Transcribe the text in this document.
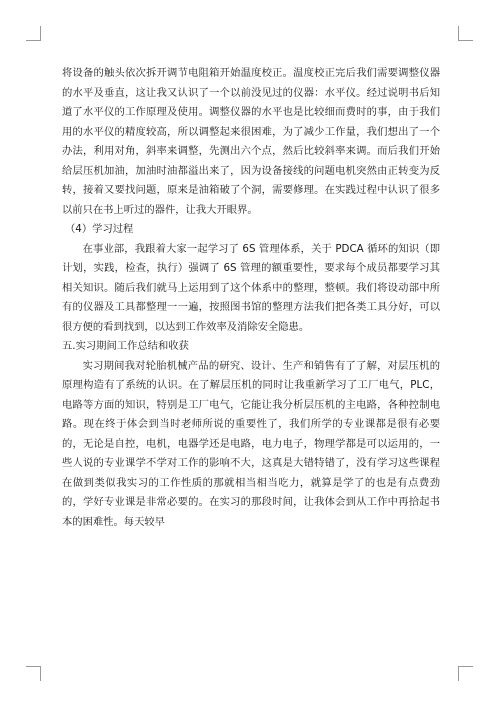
将设备的触头依次拆开调节电阻箱开始温度校正。温度校正完后我们需要调整仪器的水平及垂直，这让我又认识了一个以前没见过的仪器：水平仪。经过说明书后知道了水平仪的工作原理及使用。调整仪器的水平也是比较细而费时的事，由于我们用的水平仪的精度较高，所以调整起来很困难，为了减少工作量，我们想出了一个办法，利用对角，斜率来调整，先测出六个点，然后比较斜率来调。而后我们开始给层压机加油，加油时油都溢出来了，因为设备接线的问题电机突然由正转变为反转，接着又要找问题，原来是油箱破了个洞，需要修理。在实践过程中认识了很多以前只在书上听过的器件，让我大开眼界。

（4）学习过程

在事业部，我跟着大家一起学习了 6S 管理体系，关于 PDCA 循环的知识（即计划，实践，检查，执行）强调了 6S 管理的额重要性，要求每个成员都要学习其相关知识。随后我们就马上运用到了这个体系中的整理，整顿。我们将设动部中所有的仪器及工具都整理一一遍，按照图书馆的整理方法我们把各类工具分好，可以很方便的看到找到，以达到工作效率及消除安全隐患。

五.实习期间工作总结和收获

实习期间我对轮胎机械产品的研究、设计、生产和销售有了了解，对层压机的原理构造有了系统的认识。在了解层压机的同时让我重新学习了工厂电气，PLC，电路等方面的知识，特别是工厂电气，它能让我分析层压机的主电路，各种控制电路。现在终于体会到当时老师所说的重要性了，我们所学的专业课都是很有必要的，无论是自控，电机，电器学还是电路，电力电子，物理学都是可以运用的，一些人说的专业课学不学对工作的影响不大，这真是大错特错了，没有学习这些课程在做到类似我实习的工作性质的那就相当相当吃力，就算是学了的也是有点费劲的，学好专业课是非常必要的。在实习的那段时间，让我体会到从工作中再拾起书本的困难性。每天较早
